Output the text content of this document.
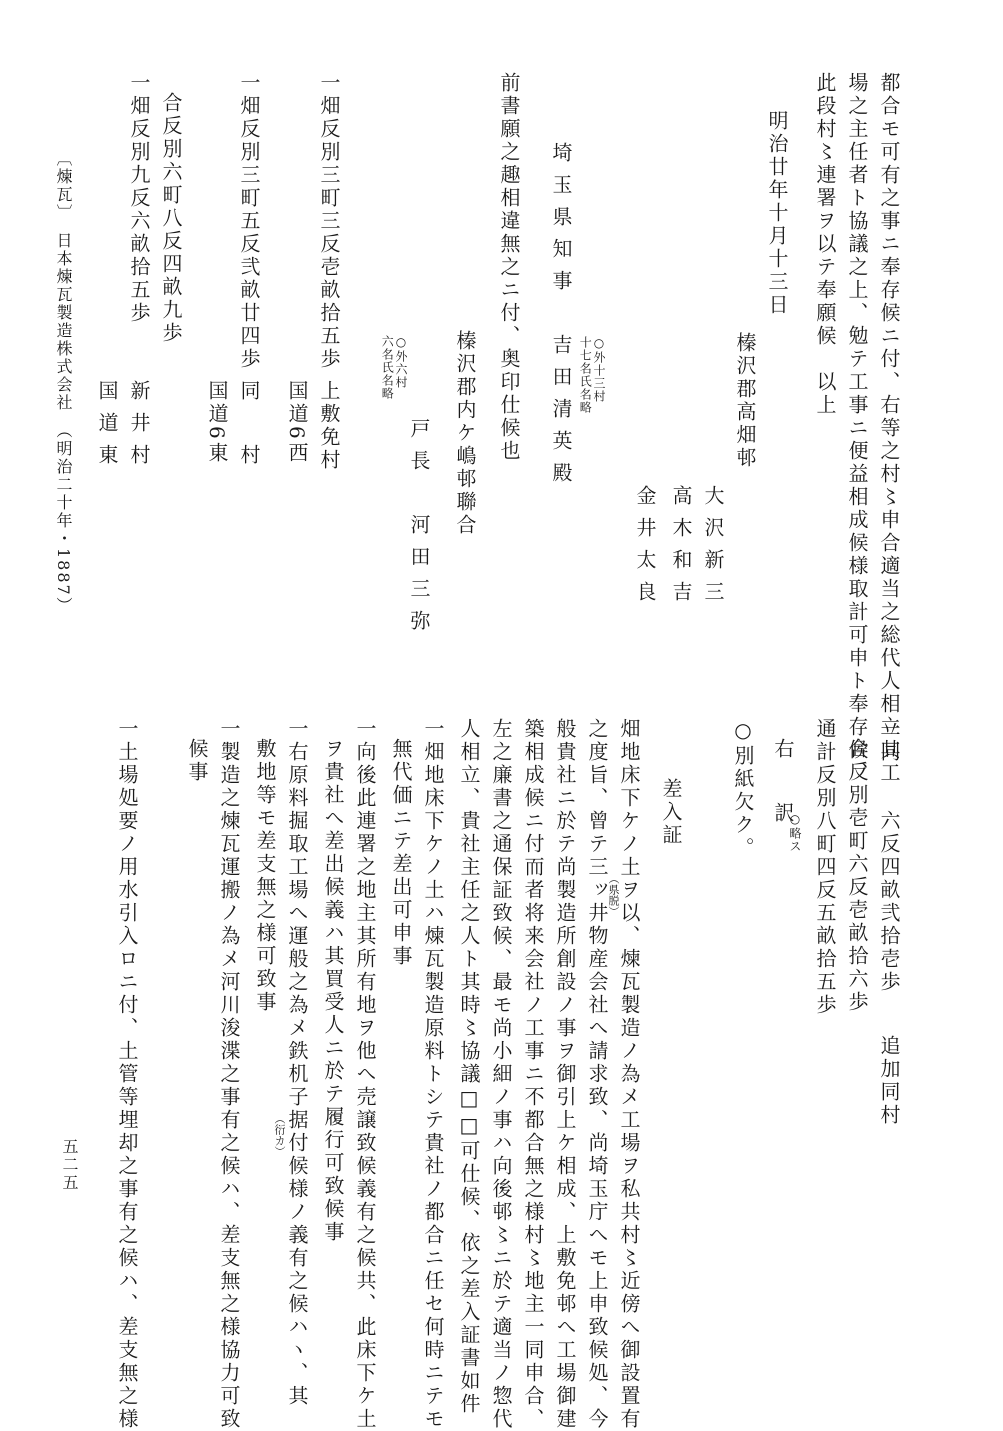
都合モ可有之事ニ奉存候ニ付、右等之村〻申合適当之総代人相立其工
場之主任者ト協議之上、勉テ工事ニ便益相成候様取計可申ト奉存候、
此段村〻連署ヲ以テ奉願候　以上
明治廿年十月十三日
榛沢郡高畑邨
大沢新三
高木和吉
金井太良
埼玉県知事　吉田清英殿	○外十三村
十七名氏名略
前書願之趣相違無之ニ付、奥印仕候也
榛沢郡内ケ嶋邨聯合
戸長　河田三弥
○外六村
六名氏名略
一畑反別三町三反壱畝拾五歩
上敷免村
国道6西
一畑反別三町五反弐畝廿四歩
同　村
国道6東
合反別六町八反四畝九歩
一畑反別九反六畝拾五歩
新井村
国道東
一同　　六反四畝弐拾壱歩
追加同村
合反別壱町六反壱畝拾六歩
通計反別八町四反五畝拾五歩
右　訳
○略ス
○別紙欠ク。
差入証
畑地床下ケノ土ヲ以、煉瓦製造ノ為メ工場ヲ私共村〻近傍へ御設置有
（県脱）
之度旨、曾テ三ッ井物産会社へ請求致、尚埼玉庁へモ上申致候処、今
般貴社ニ於テ尚製造所創設ノ事ヲ御引上ケ相成、上敷免邨へ工場御建
築相成候ニ付而者将来会社ノ工事ニ不都合無之様村〻地主一同申合、
左之廉書之通保証致候、最モ尚小細ノ事ハ向後邨〻ニ於テ適当ノ惣代
人相立、貴社主任之人ト其時〻協議□□可仕候、依之差入証書如件
一畑地床下ケノ土ハ煉瓦製造原料トシテ貴社ノ都合ニ任セ何時ニテモ
無代価ニテ差出可申事
一向後此連署之地主其所有地ヲ他へ売譲致候義有之候共、此床下ケ土
ヲ貴社へ差出候義ハ其買受人ニ於テ履行可致候事
一右原料掘取工場へ運般之為メ鉄机子据付候様ノ義有之候ハヽ、其
（衍カ）
敷地等モ差支無之様可致事
一製造之煉瓦運搬ノ為メ河川浚渫之事有之候ハ、差支無之様協力可致
候事
一土場処要ノ用水引入ロニ付、土管等埋却之事有之候ハ、差支無之様
〔煉瓦〕　日本煉瓦製造株式会社　（明治二十年・1887）
五二五
